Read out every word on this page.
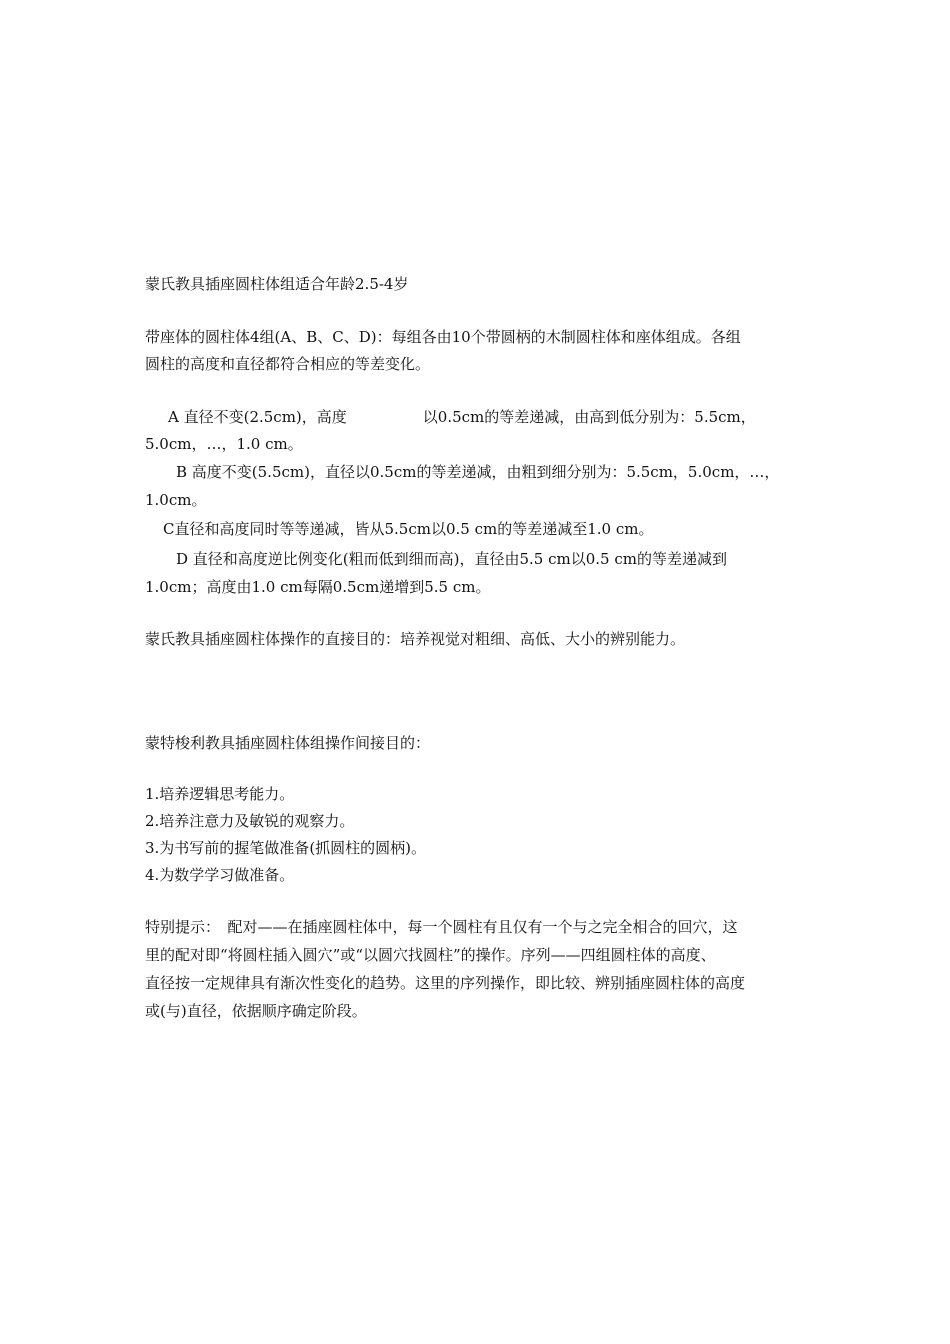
蒙氏教具插座圆柱体组适合年龄2.5-4岁
带座体的圆柱体4组(A、B、C、D)：每组各由10个带圆柄的木制圆柱体和座体组成。各组
圆柱的高度和直径都符合相应的等差变化。
A 直径不变(2.5cm)，高度	以0.5cm的等差递减，由高到低分别为：5.5cm，
5.0cm，…，1.0 cm。
B 高度不变(5.5cm)，直径以0.5cm的等差递减，由粗到细分别为：5.5cm，5.0cm，…，
1.0cm。
C直径和高度同时等等递减，皆从5.5cm以0.5 cm的等差递减至1.0 cm。
D 直径和高度逆比例变化(粗而低到细而高)，直径由5.5 cm以0.5 cm的等差递减到
1.0cm；高度由1.0 cm每隔0.5cm递增到5.5 cm。
蒙氏教具插座圆柱体操作的直接目的：培养视觉对粗细、高低、大小的辨别能力。
蒙特梭利教具插座圆柱体组操作间接目的：
1.培养逻辑思考能力。
2.培养注意力及敏锐的观察力。
3.为书写前的握笔做准备(抓圆柱的圆柄)。
4.为数学学习做准备。
特别提示：　配对——在插座圆柱体中，每一个圆柱有且仅有一个与之完全相合的回穴，这
里的配对即“将圆柱插入圆穴”或“以圆穴找圆柱”的操作。序列——四组圆柱体的高度、
直径按一定规律具有渐次性变化的趋势。这里的序列操作，即比较、辨别插座圆柱体的高度
或(与)直径，依据顺序确定阶段。
